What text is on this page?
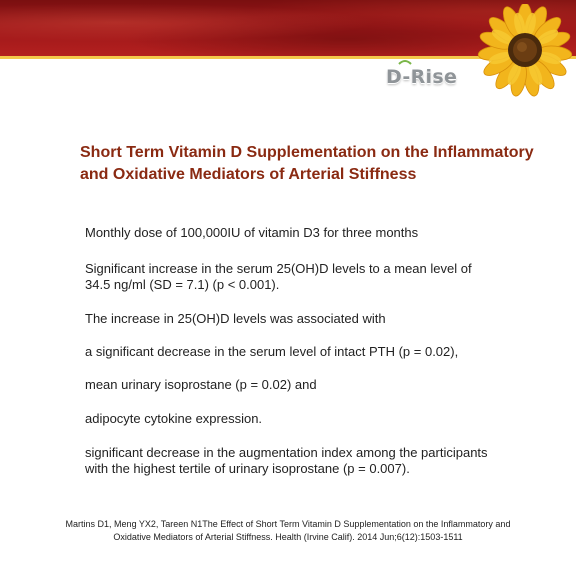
D-Rise
Short Term Vitamin D Supplementation on the Inflammatory
and Oxidative Mediators of Arterial Stiffness

Monthly dose of 100,000IU of vitamin D3 for three months

Significant increase in the serum 25(OH)D levels to a mean level of
34.5 ng/ml (SD = 7.1) (p < 0.001).

The increase in 25(OH)D levels was associated with

a significant decrease in the serum level of intact PTH (p = 0.02),

mean urinary isoprostane (p = 0.02) and

adipocyte cytokine expression.

significant decrease in the augmentation index among the participants
with the highest tertile of urinary isoprostane (p = 0.007).

Martins D1, Meng YX2, Tareen N1The Effect of Short Term Vitamin D Supplementation on the Inflammatory and
Oxidative Mediators of Arterial Stiffness. Health (Irvine Calif). 2014 Jun;6(12):1503-1511
